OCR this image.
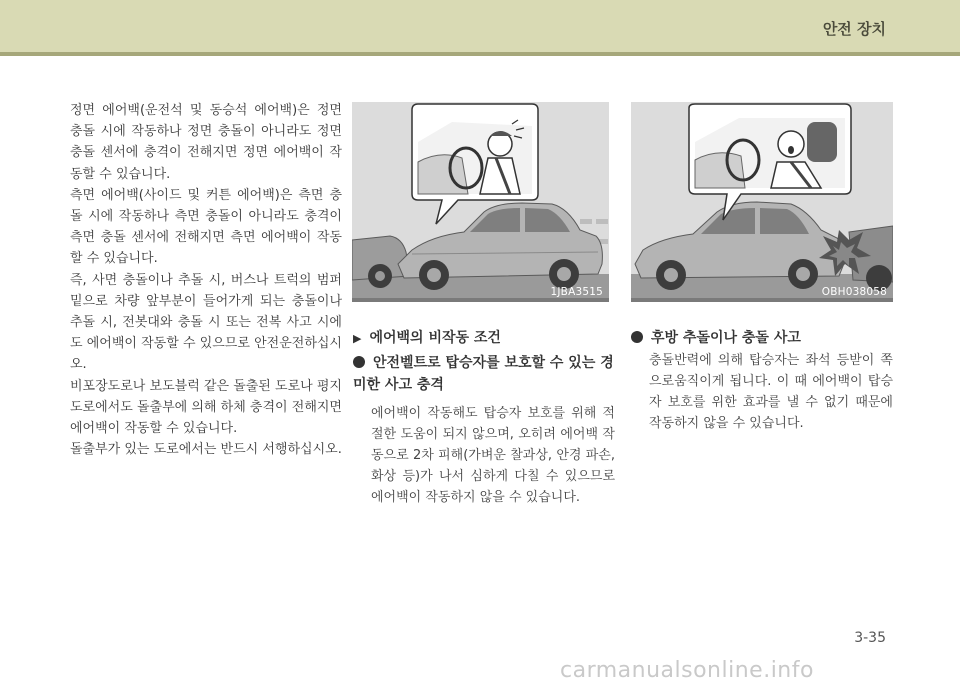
안전 장치

정면 에어백(운전석 및 동승석 에어백)은 정면 충돌 시에 작동하나 정면 충돌이 아니라도 정면 충돌 센서에 충격이 전해지면 정면 에어백이 작동할 수 있습니다.

측면 에어백(사이드 및 커튼 에어백)은 측면 충돌 시에 작동하나 측면 충돌이 아니라도 충격이 측면 충돌 센서에 전해지면 측면 에어백이 작동할 수 있습니다.

즉, 사면 충돌이나 추돌 시, 버스나 트럭의 범퍼 밑으로 차량 앞부분이 들어가게 되는 충돌이나 추돌 시, 전봇대와 충돌 시 또는 전복 사고 시에도 에어백이 작동할 수 있으므로 안전운전하십시오.

비포장도로나 보도블럭 같은 돌출된 도로나 평지 도로에서도 돌출부에 의해 하체 충격이 전해지면 에어백이 작동할 수 있습니다.

돌출부가 있는 도로에서는 반드시 서행하십시오.

1JBA3515	OBH038058
▶ 에어백의 비작동 조건
안전벨트로 탑승자를 보호할 수 있는 경미한 사고 충격
에어백이 작동해도 탑승자 보호를 위해 적절한 도움이 되지 않으며, 오히려 에어백 작동으로 2차 피해(가벼운 찰과상, 안경 파손, 화상 등)가 나서 심하게 다칠 수 있으므로 에어백이 작동하지 않을 수 있습니다.
후방 추돌이나 충돌 사고
충돌반력에 의해 탑승자는 좌석 등받이 쪽으로움직이게 됩니다. 이 때 에어백이 탑승자 보호를 위한 효과를 낼 수 없기 때문에 작동하지 않을 수 있습니다.
3-35
carmanualsonline.info
